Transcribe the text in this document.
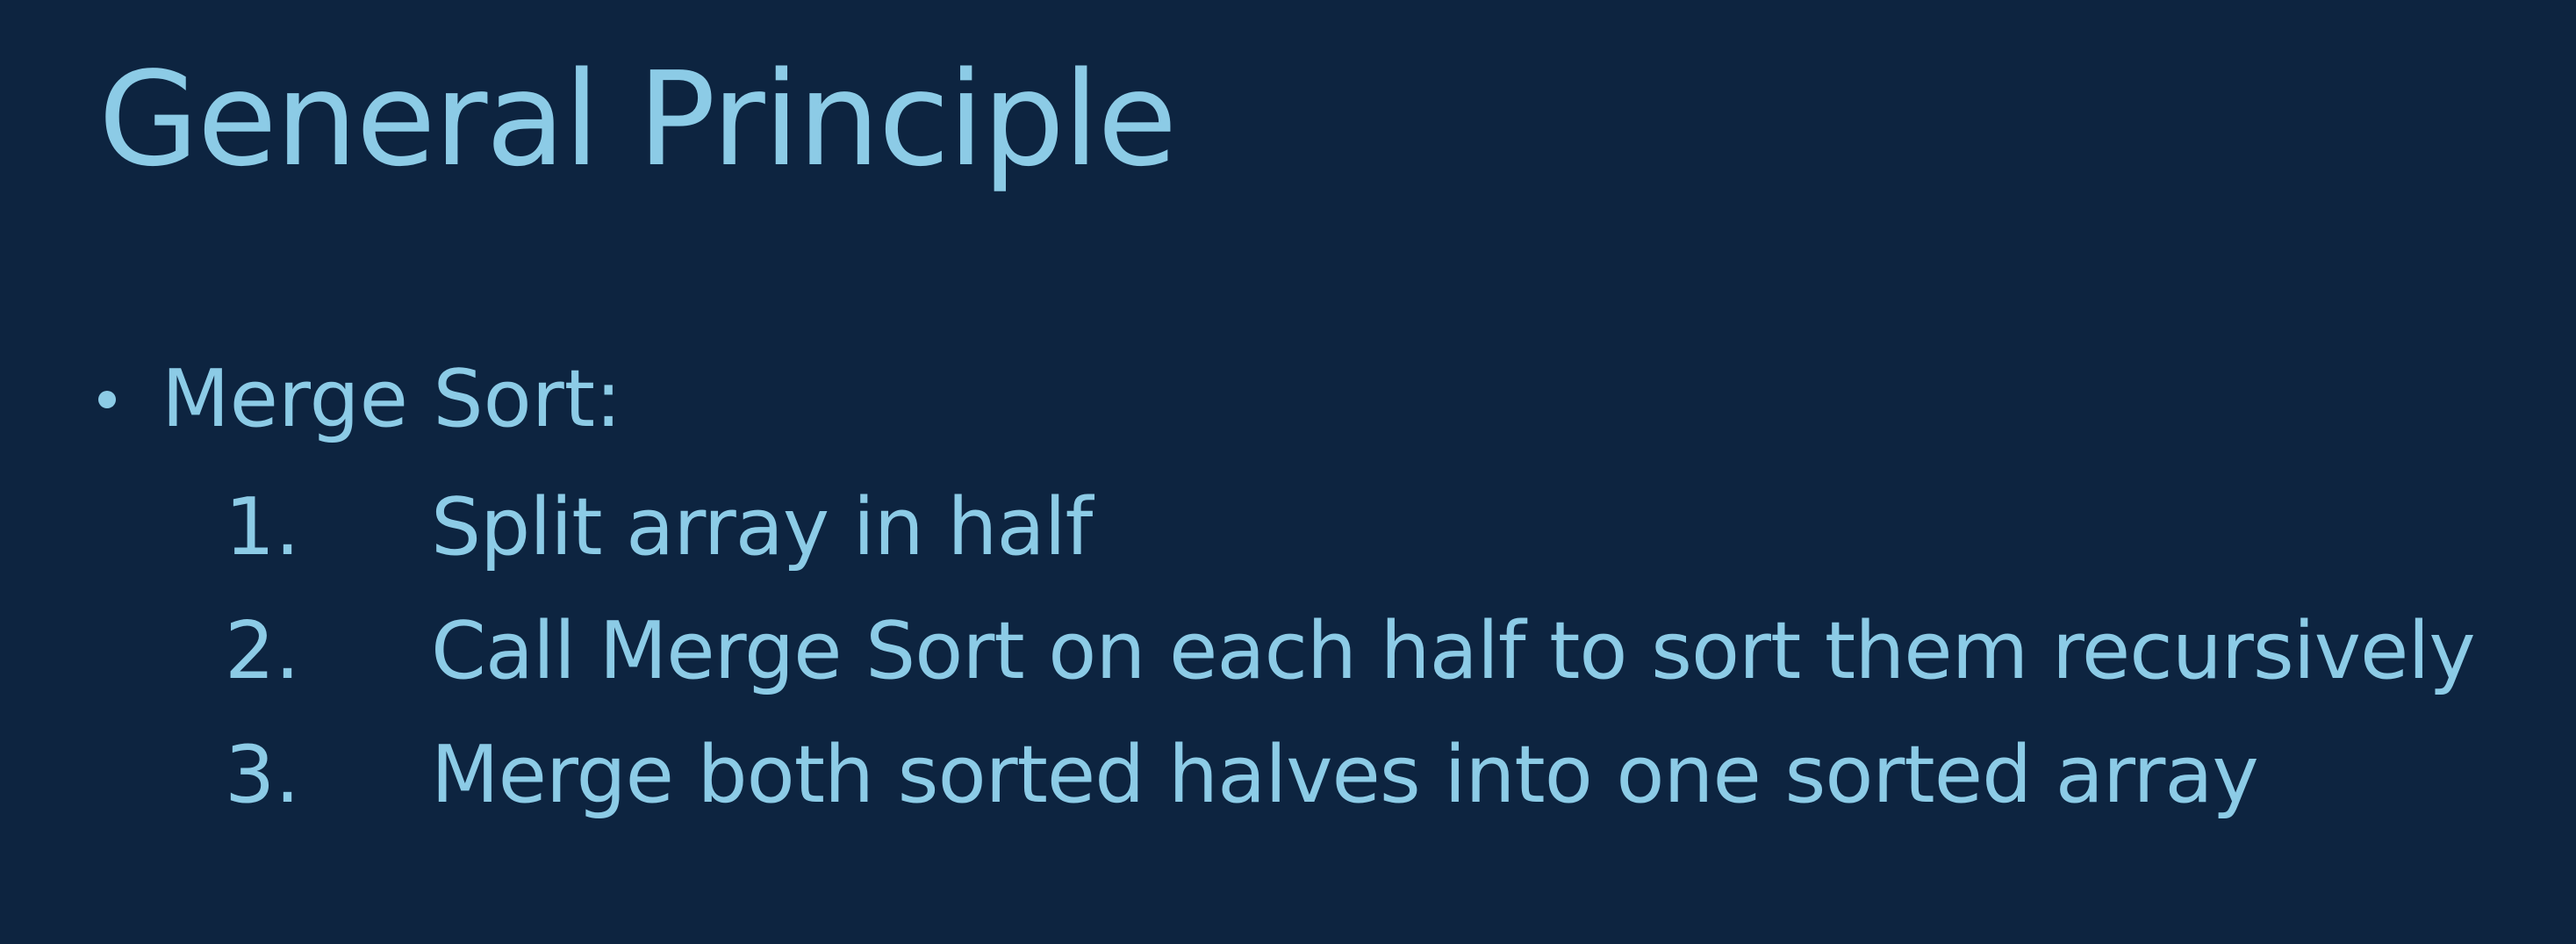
General Principle
Merge Sort:
1.	Split array in half
2.	Call Merge Sort on each half to sort them recursively
3.	Merge both sorted halves into one sorted array
